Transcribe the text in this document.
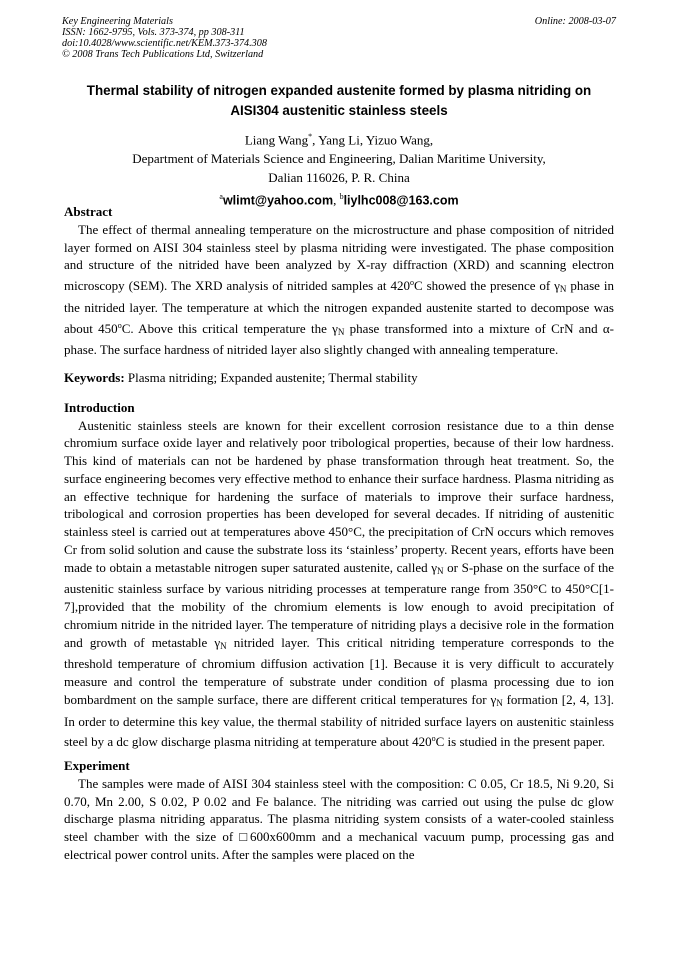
Key Engineering Materials
ISSN: 1662-9795, Vols. 373-374, pp 308-311
doi:10.4028/www.scientific.net/KEM.373-374.308
© 2008 Trans Tech Publications Ltd, Switzerland
Online: 2008-03-07
Thermal stability of nitrogen expanded austenite formed by plasma nitriding on
AISI304 austenitic stainless steels
Liang Wang*, Yang Li, Yizuo Wang,
Department of Materials Science and Engineering, Dalian Maritime University,
Dalian 116026, P. R. China
$^a$wlimt@yahoo.com, $^b$liylhc008@163.com

Abstract

The effect of thermal annealing temperature on the microstructure and phase composition of nitrided layer formed on AISI 304 stainless steel by plasma nitriding were investigated. The phase composition and structure of the nitrided have been analyzed by X-ray diffraction (XRD) and scanning electron microscopy (SEM). The XRD analysis of nitrided samples at 420$^o$C showed the presence of $\gamma_N$ phase in the nitrided layer. The temperature at which the nitrogen expanded austenite started to decompose was about 450$^o$C. Above this critical temperature the $\gamma_N$ phase transformed into a mixture of CrN and α-phase. The surface hardness of nitrided layer also slightly changed with annealing temperature.

Keywords: Plasma nitriding; Expanded austenite; Thermal stability

Introduction

Austenitic stainless steels are known for their excellent corrosion resistance due to a thin dense chromium surface oxide layer and relatively poor tribological properties, because of their low hardness. This kind of materials can not be hardened by phase transformation through heat treatment. So, the surface engineering becomes very effective method to enhance their surface hardness. Plasma nitriding as an effective technique for hardening the surface of materials to improve their surface hardness, tribological and corrosion properties has been developed for several decades. If nitriding of austenitic stainless steel is carried out at temperatures above 450°C, the precipitation of CrN occurs which removes Cr from solid solution and cause the substrate loss its ‘stainless’ property. Recent years, efforts have been made to obtain a metastable nitrogen super saturated austenite, called $\gamma_N$ or S-phase on the surface of the austenitic stainless surface by various nitriding processes at temperature range from 350°C to 450°C[1-7],provided that the mobility of the chromium elements is low enough to avoid precipitation of chromium nitride in the nitrided layer. The temperature of nitriding plays a decisive role in the formation and growth of metastable $\gamma_N$ nitrided layer. This critical nitriding temperature corresponds to the threshold temperature of chromium diffusion activation [1]. Because it is very difficult to accurately measure and control the temperature of substrate under condition of plasma processing due to ion bombardment on the sample surface, there are different critical temperatures for $\gamma_N$ formation [2, 4, 13]. In order to determine this key value, the thermal stability of nitrided surface layers on austenitic stainless steel by a dc glow discharge plasma nitriding at temperature about 420$^o$C is studied in the present paper.

Experiment

The samples were made of AISI 304 stainless steel with the composition: C 0.05, Cr 18.5, Ni 9.20, Si 0.70, Mn 2.00, S 0.02, P 0.02 and Fe balance. The nitriding was carried out using the pulse dc glow discharge plasma nitriding apparatus. The plasma nitriding system consists of a water-cooled stainless steel chamber with the size of □600x600mm and a mechanical vacuum pump, processing gas and electrical power control units. After the samples were placed on the
